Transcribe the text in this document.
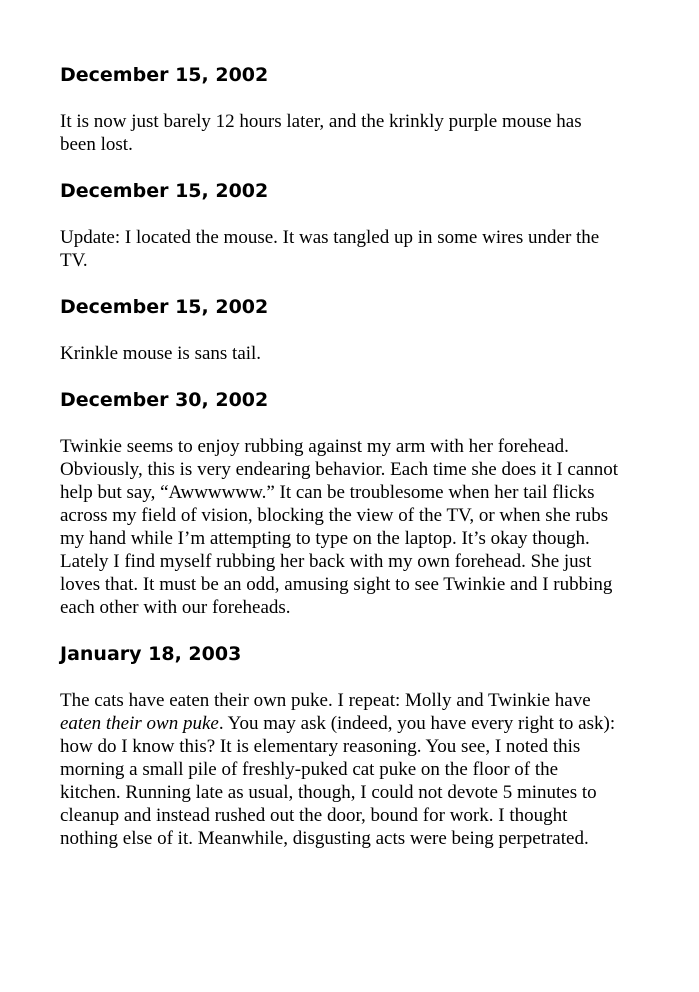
December 15, 2002

It is now just barely 12 hours later, and the krinkly purple mouse has been lost.

December 15, 2002

Update: I located the mouse. It was tangled up in some wires under the TV.

December 15, 2002

Krinkle mouse is sans tail.

December 30, 2002

Twinkie seems to enjoy rubbing against my arm with her forehead. Obviously, this is very endearing behavior. Each time she does it I cannot help but say, “Awwwwww.” It can be troublesome when her tail flicks across my field of vision, blocking the view of the TV, or when she rubs my hand while I’m attempting to type on the laptop. It’s okay though. Lately I find myself rubbing her back with my own forehead. She just loves that. It must be an odd, amusing sight to see Twinkie and I rubbing each other with our foreheads.

January 18, 2003

The cats have eaten their own puke. I repeat: Molly and Twinkie have eaten their own puke. You may ask (indeed, you have every right to ask): how do I know this? It is elementary reasoning. You see, I noted this morning a small pile of freshly-puked cat puke on the floor of the kitchen. Running late as usual, though, I could not devote 5 minutes to cleanup and instead rushed out the door, bound for work. I thought nothing else of it. Meanwhile, disgusting acts were being perpetrated.
